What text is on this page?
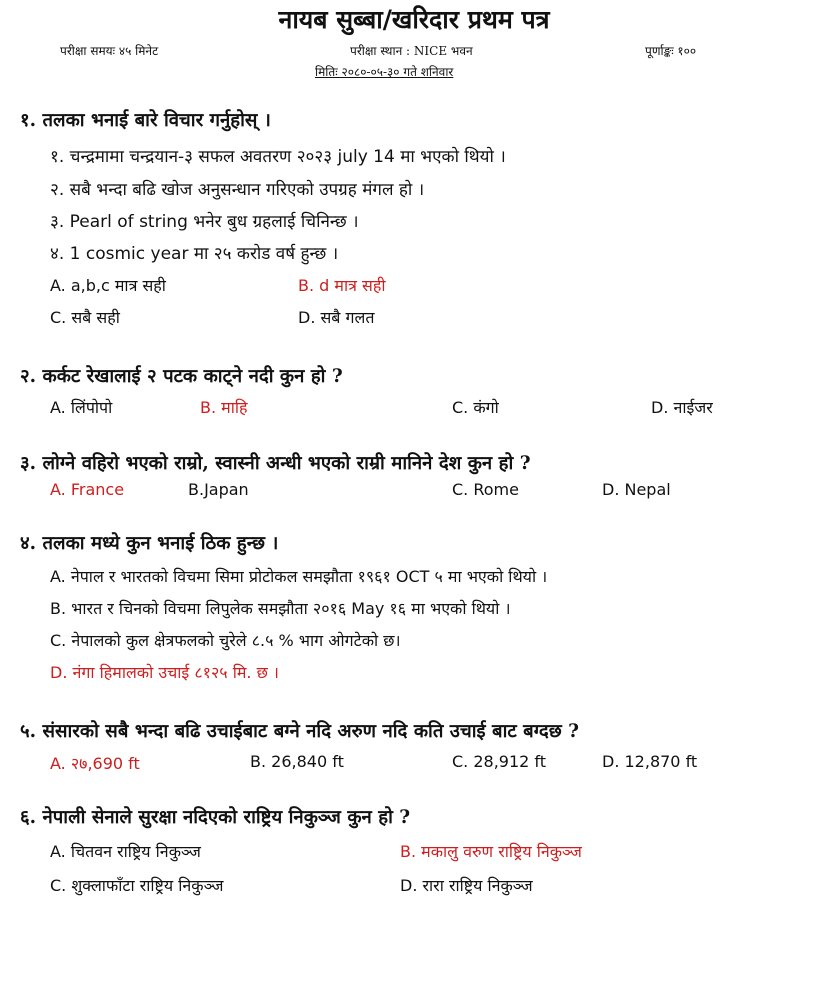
नायब सुब्बा/खरिदार प्रथम पत्र
परीक्षा समयः ४५ मिनेट	परीक्षा स्थान : NICE भवन	पूर्णाङ्कः १००
मितिः २०८०-०५-३० गते शनिवार
१. तलका भनाई बारे विचार गर्नुहोस् ।
१. चन्द्रमामा चन्द्रयान-३ सफल अवतरण २०२३ july 14 मा भएको थियो ।
२. सबै भन्दा बढि खोज अनुसन्धान गरिएको उपग्रह मंगल हो ।
३. Pearl of string भनेर बुध ग्रहलाई चिनिन्छ ।
४. 1 cosmic year मा २५ करोड वर्ष हुन्छ ।
A. a,b,c मात्र सही	B. d मात्र सही
C. सबै सही	D. सबै गलत
२. कर्कट रेखालाई २ पटक काट्ने नदी कुन हो ?
A. लिंपोपो	B. माहि	C. कंगो	D. नाईजर
३. लोग्ने वहिरो भएको राम्रो, स्वास्नी अन्धी भएको राम्री मानिने देश कुन हो ?
A. France	B.Japan	C. Rome	D. Nepal
४. तलका मध्ये कुन भनाई ठिक हुन्छ ।
A. नेपाल र भारतको विचमा सिमा प्रोटोकल समझौता १९६१ OCT ५ मा भएको थियो ।
B. भारत र चिनको विचमा लिपुलेक समझौता २०१६ May १६ मा भएको थियो ।
C. नेपालको कुल क्षेत्रफलको चुरेले ८.५ % भाग ओगटेको छ।
D. नंगा हिमालको उचाई ८१२५ मि. छ ।
५. संसारको सबै भन्दा बढि उचाईबाट बग्ने नदि अरुण नदि कति उचाई बाट बग्दछ ?
A. २७,690 ft	B. 26,840 ft	C. 28,912 ft	D. 12,870 ft
६. नेपाली सेनाले सुरक्षा नदिएको राष्ट्रिय निकुञ्ज कुन हो ?
A. चितवन राष्ट्रिय निकुञ्ज	B. मकालु वरुण राष्ट्रिय निकुञ्ज
C. शुक्लाफाँटा राष्ट्रिय निकुञ्ज	D. रारा राष्ट्रिय निकुञ्ज
